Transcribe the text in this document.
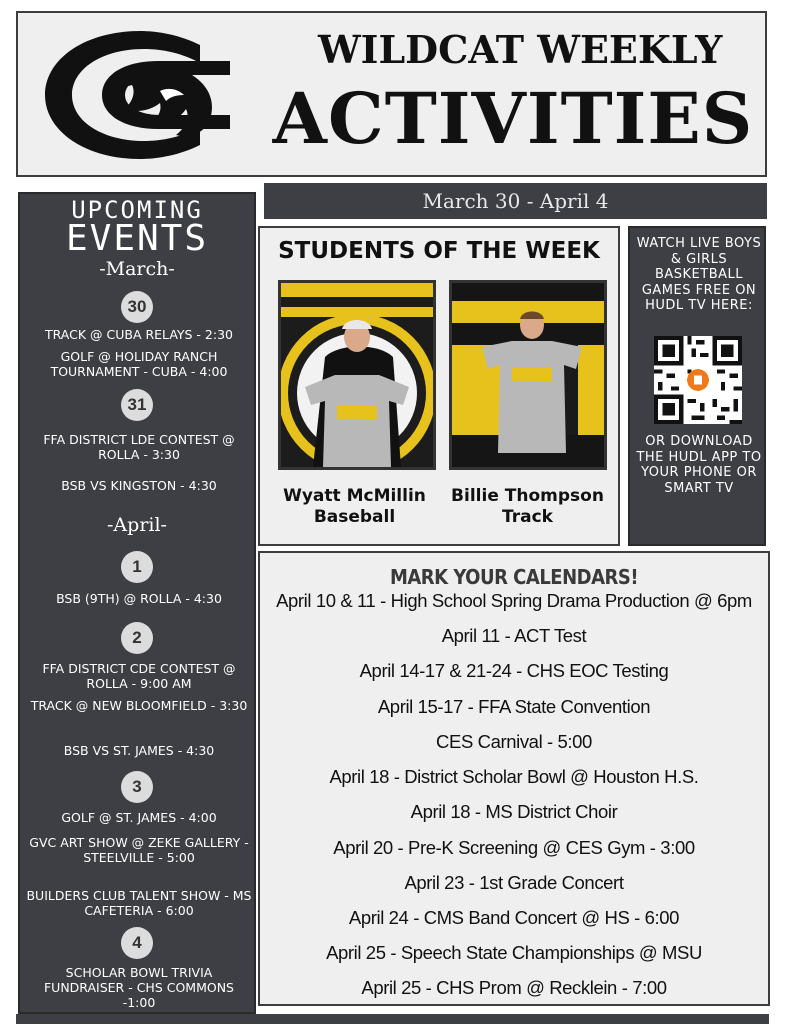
WILDCAT WEEKLY
ACTIVITIES
UPCOMING
EVENTS
-March-
30
TRACK @ CUBA RELAYS - 2:30
GOLF @ HOLIDAY RANCH TOURNAMENT - CUBA - 4:00
31
FFA DISTRICT LDE CONTEST @ ROLLA - 3:30
BSB VS KINGSTON - 4:30
-April-
1
BSB (9TH) @ ROLLA - 4:30
2
FFA DISTRICT CDE CONTEST @ ROLLA - 9:00 AM
TRACK @ NEW BLOOMFIELD - 3:30
BSB VS ST. JAMES - 4:30
3
GOLF @ ST. JAMES - 4:00
GVC ART SHOW @ ZEKE GALLERY - STEELVILLE - 5:00
BUILDERS CLUB TALENT SHOW - MS CAFETERIA - 6:00
4
SCHOLAR BOWL TRIVIA FUNDRAISER - CHS COMMONS -1:00
March 30 - April 4
STUDENTS OF THE WEEK
Wyatt McMillin
Baseball
Billie Thompson
Track
WATCH LIVE BOYS & GIRLS BASKETBALL GAMES FREE ON HUDL TV HERE:
OR DOWNLOAD THE HUDL APP TO YOUR PHONE OR SMART TV
MARK YOUR CALENDARS!
April 10 & 11 - High School Spring Drama Production @ 6pm
April 11 - ACT Test
April 14-17 & 21-24 - CHS EOC Testing
April 15-17 - FFA State Convention
CES Carnival - 5:00
April 18 - District Scholar Bowl @ Houston H.S.
April 18 - MS District Choir
April 20 - Pre-K Screening @ CES Gym - 3:00
April 23 - 1st Grade Concert
April 24 - CMS Band Concert @ HS - 6:00
April 25 - Speech State Championships @ MSU
April 25 - CHS Prom @ Recklein - 7:00
